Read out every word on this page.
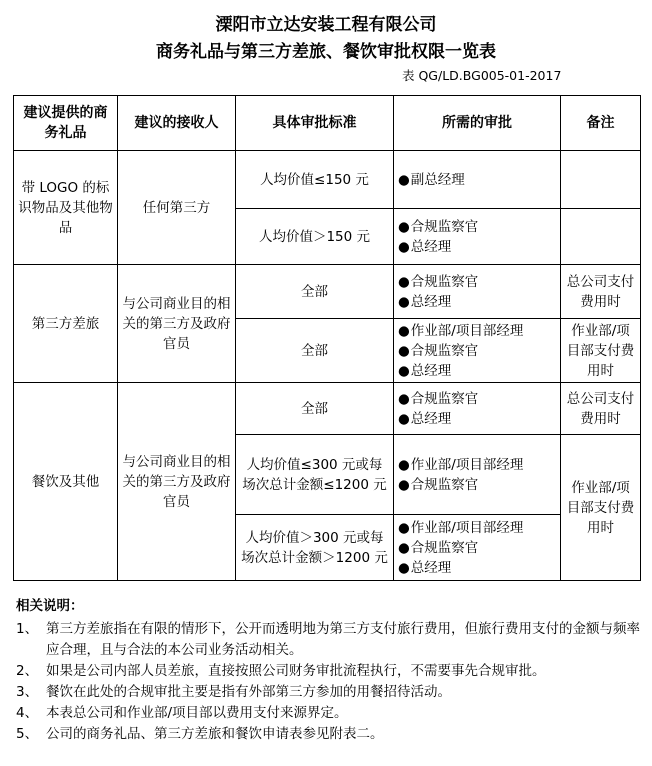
溧阳市立达安装工程有限公司
商务礼品与第三方差旅、餐饮审批权限一览表
表 QG/LD.BG005-01-2017
建议提供的商务礼品	建议的接收人	具体审批标准	所需的审批	备注
带 LOGO 的标识物品及其他物品	任何第三方	人均价值≤150 元	● 副总经理

		人均价值＞150 元	● 合规监察官
● 总经理

第三方差旅	与公司商业目的相关的第三方及政府官员	全部	● 合规监察官
● 总经理	总公司支付费用时
		全部	● 作业部/项目部经理
● 合规监察官
● 总经理	作业部/项目部支付费用时
餐饮及其他	与公司商业目的相关的第三方及政府官员	全部	● 合规监察官
● 总经理	总公司支付费用时
		人均价值≤300 元或每场次总计金额≤1200 元	● 作业部/项目部经理
● 合规监察官	作业部/项目部支付费用时
		人均价值＞300 元或每场次总计金额＞1200 元	● 作业部/项目部经理
● 合规监察官
● 总经理
相关说明：
1、 第三方差旅指在有限的情形下，公开而透明地为第三方支付旅行费用，但旅行费用支付的金额与频率应合理，且与合法的本公司业务活动相关。
2、 如果是公司内部人员差旅，直接按照公司财务审批流程执行，不需要事先合规审批。
3、 餐饮在此处的合规审批主要是指有外部第三方参加的用餐招待活动。
4、 本表总公司和作业部/项目部以费用支付来源界定。
5、 公司的商务礼品、第三方差旅和餐饮申请表参见附表二。
